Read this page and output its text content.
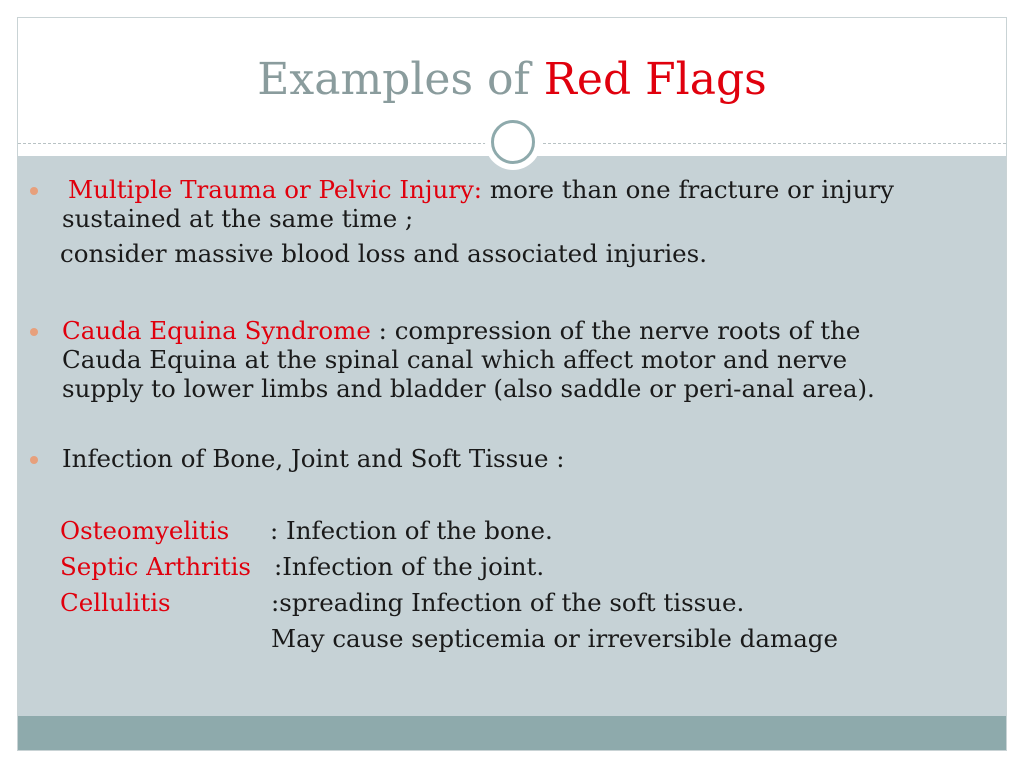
Examples of Red Flags
Multiple Trauma or Pelvic Injury: more than one fracture or injury
sustained at the same time ;
consider massive blood loss and associated injuries.
Cauda Equina Syndrome : compression of the nerve roots of the
Cauda Equina at the spinal canal which affect motor and nerve
supply to lower limbs and bladder (also saddle or peri-anal area).
Infection of Bone, Joint and Soft Tissue :
Osteomyelitis : Infection of the bone.
Septic Arthritis :Infection of the joint.
Cellulitis	:spreading Infection of the soft tissue.
May cause septicemia or irreversible damage
